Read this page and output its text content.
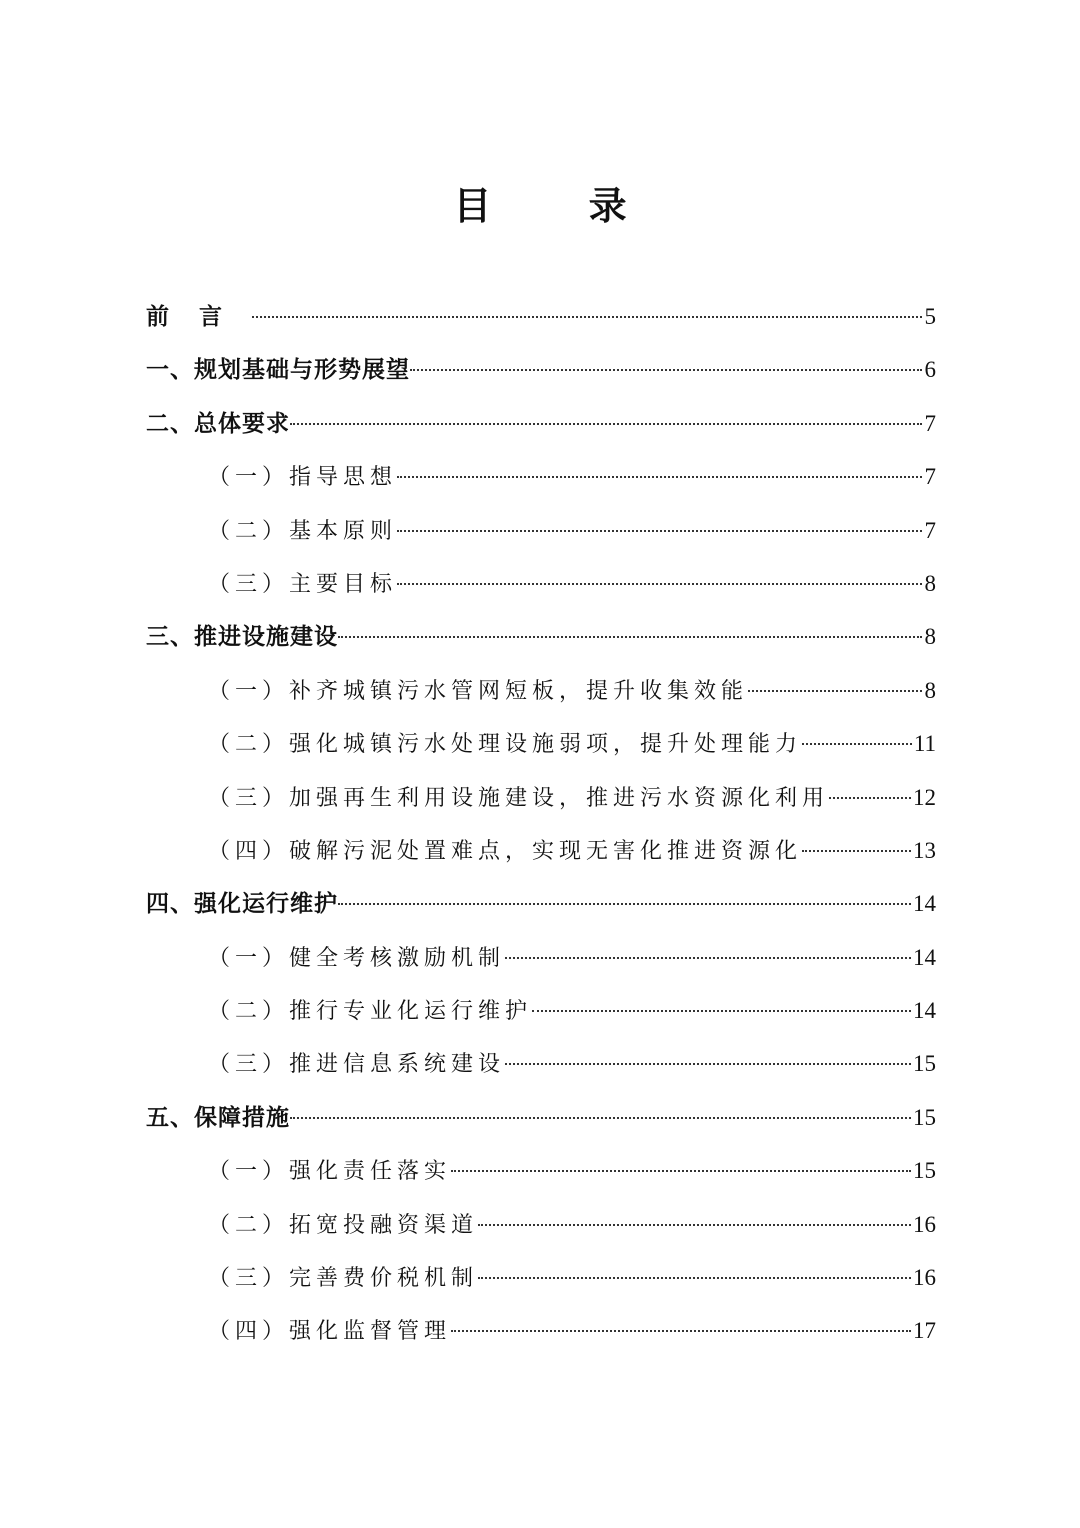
目 录
前言	5
一、规划基础与形势展望	6
二、总体要求	7
（一）指导思想	7
（二）基本原则	7
（三）主要目标	8
三、推进设施建设	8
（一）补齐城镇污水管网短板，提升收集效能	8
（二）强化城镇污水处理设施弱项，提升处理能力	11
（三）加强再生利用设施建设，推进污水资源化利用	12
（四）破解污泥处置难点，实现无害化推进资源化	13
四、强化运行维护	14
（一）健全考核激励机制	14
（二）推行专业化运行维护	14
（三）推进信息系统建设	15
五、保障措施	15
（一）强化责任落实	15
（二）拓宽投融资渠道	16
（三）完善费价税机制	16
（四）强化监督管理	17
